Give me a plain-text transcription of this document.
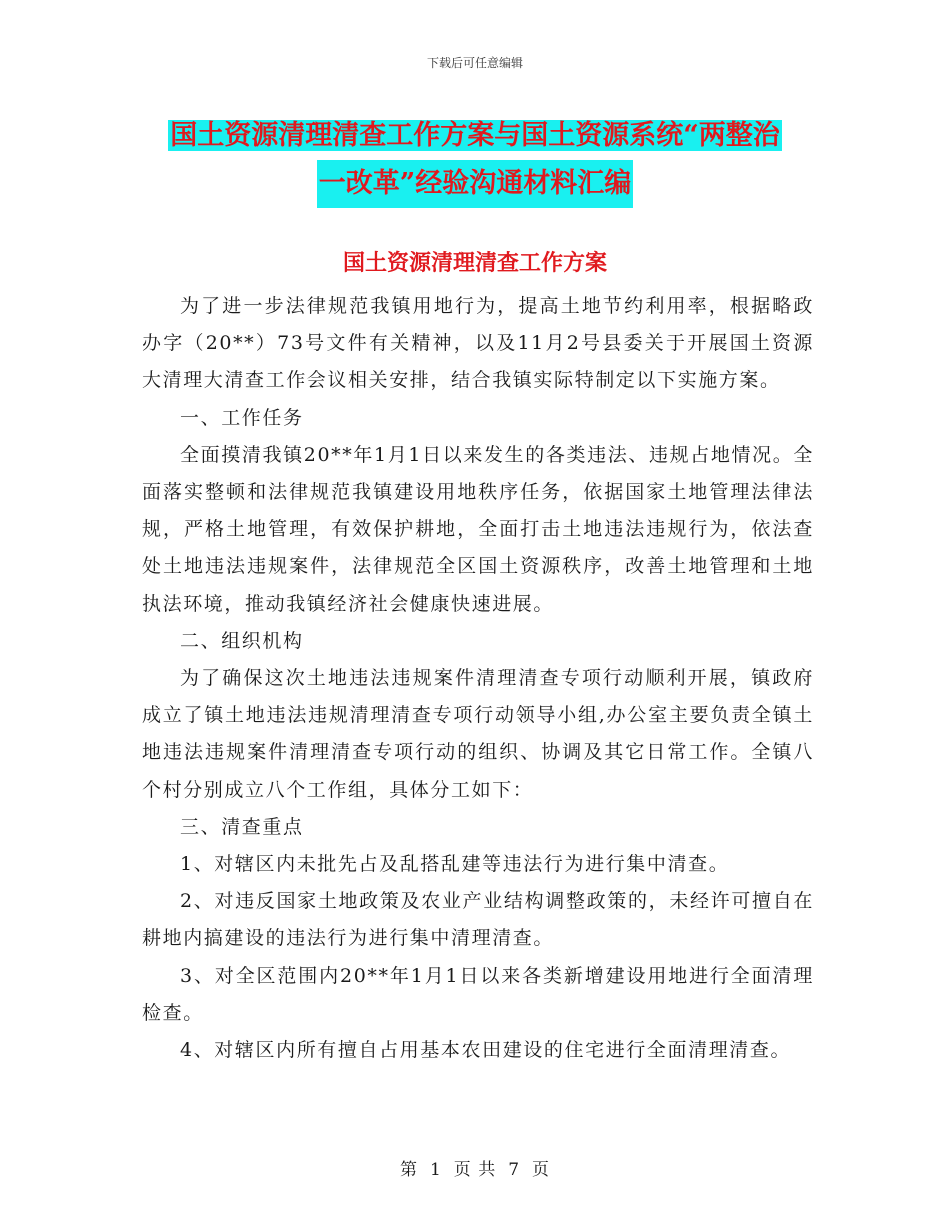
下载后可任意编辑
国土资源清理清查工作方案与国土资源系统“两整治
一改革”经验沟通材料汇编
国土资源清理清查工作方案

为了进一步法律规范我镇用地行为，提高土地节约利用率，根据略政办字（20**）73号文件有关精神，以及11月2号县委关于开展国土资源大清理大清查工作会议相关安排，结合我镇实际特制定以下实施方案。

一、工作任务

全面摸清我镇20**年1月1日以来发生的各类违法、违规占地情况。全面落实整顿和法律规范我镇建设用地秩序任务，依据国家土地管理法律法规，严格土地管理，有效保护耕地，全面打击土地违法违规行为，依法查处土地违法违规案件，法律规范全区国土资源秩序，改善土地管理和土地执法环境，推动我镇经济社会健康快速进展。

二、组织机构

为了确保这次土地违法违规案件清理清查专项行动顺利开展，镇政府成立了镇土地违法违规清理清查专项行动领导小组,办公室主要负责全镇土地违法违规案件清理清查专项行动的组织、协调及其它日常工作。全镇八个村分别成立八个工作组，具体分工如下：

三、清查重点

1、对辖区内未批先占及乱搭乱建等违法行为进行集中清查。

2、对违反国家土地政策及农业产业结构调整政策的，未经许可擅自在耕地内搞建设的违法行为进行集中清理清查。

3、对全区范围内20**年1月1日以来各类新增建设用地进行全面清理检查。

4、对辖区内所有擅自占用基本农田建设的住宅进行全面清理清查。

第 1 页 共 7 页
